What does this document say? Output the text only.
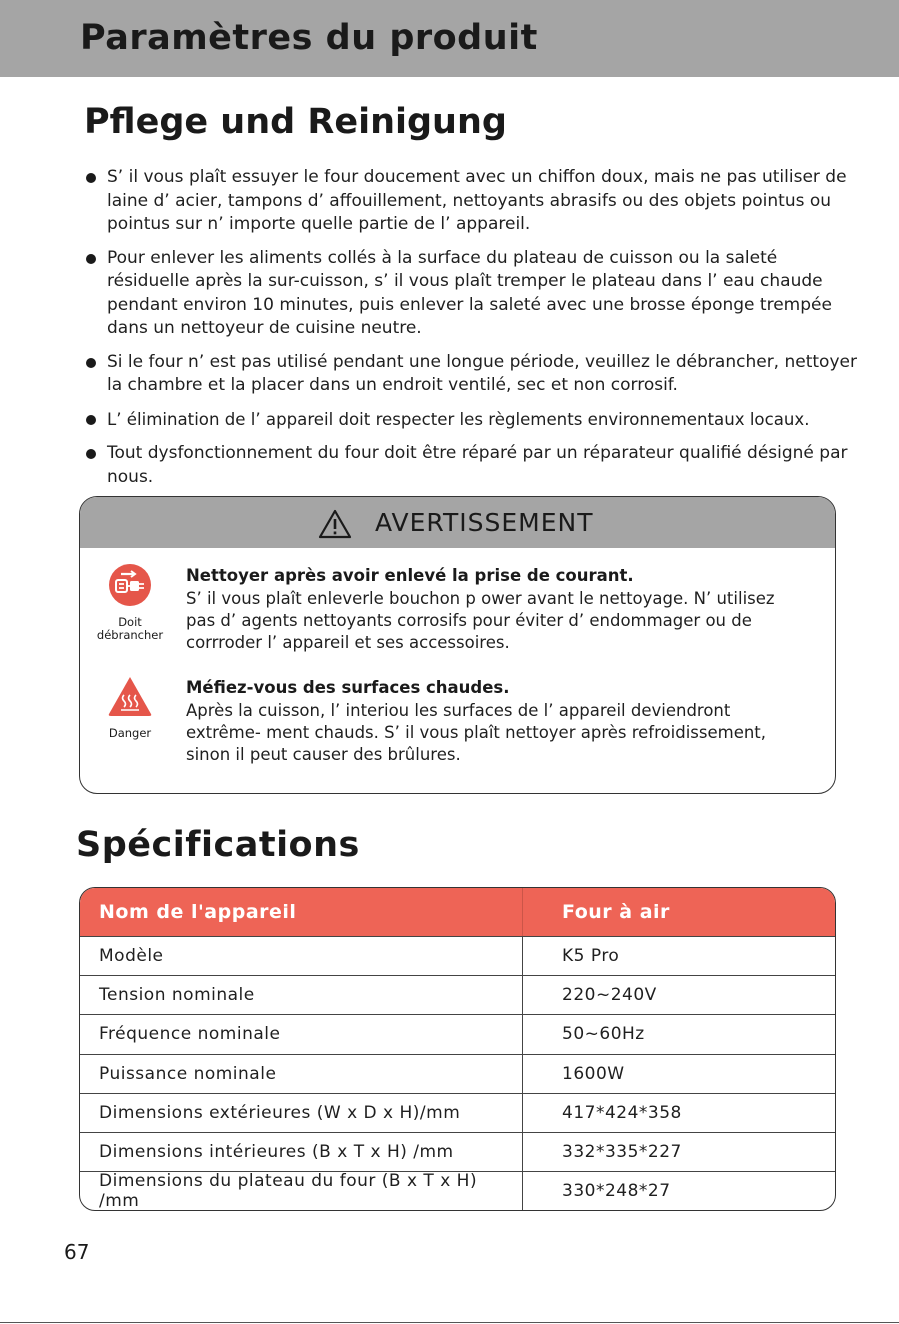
Paramètres du produit
Pflege und Reinigung
S’ il vous plaît essuyer le four doucement avec un chiffon doux, mais ne pas utiliser de laine d’ acier, tampons d’ affouillement, nettoyants abrasifs ou des objets pointus ou pointus sur n’ importe quelle partie de l’ appareil.
Pour enlever les aliments collés à la surface du plateau de cuisson ou la saleté résiduelle après la sur-cuisson, s’ il vous plaît tremper le plateau dans l’ eau chaude pendant environ 10 minutes, puis enlever la saleté avec une brosse éponge trempée dans un nettoyeur de cuisine neutre.
Si le four n’ est pas utilisé pendant une longue période, veuillez le débrancher, nettoyer la chambre et la placer dans un endroit ventilé, sec et non corrosif.
L’ élimination de l’ appareil doit respecter les règlements environnementaux locaux.
Tout dysfonctionnement du four doit être réparé par un réparateur qualifié désigné par nous.
AVERTISSEMENT
Doit
débrancher
Nettoyer après avoir enlevé la prise de courant.
S’ il vous plaît enleverle bouchon p ower avant le nettoyage. N’ utilisez pas d’ agents nettoyants corrosifs pour éviter d’ endommager ou de corrroder l’ appareil et ses accessoires.
Danger
Méfiez-vous des surfaces chaudes.
Après la cuisson, l’ interiou les surfaces de l’ appareil deviendront extrême- ment chauds. S’ il vous plaît nettoyer après refroidissement, sinon il peut causer des brûlures.
Spécifications
Nom de l'appareil	Four à air
Modèle	K5 Pro
Tension nominale	220~240V
Fréquence nominale	50~60Hz
Puissance nominale	1600W
Dimensions extérieures (W x D x H)/mm	417*424*358
Dimensions intérieures (B x T x H) /mm	332*335*227
Dimensions du plateau du four (B x T x H) /mm	330*248*27
67
